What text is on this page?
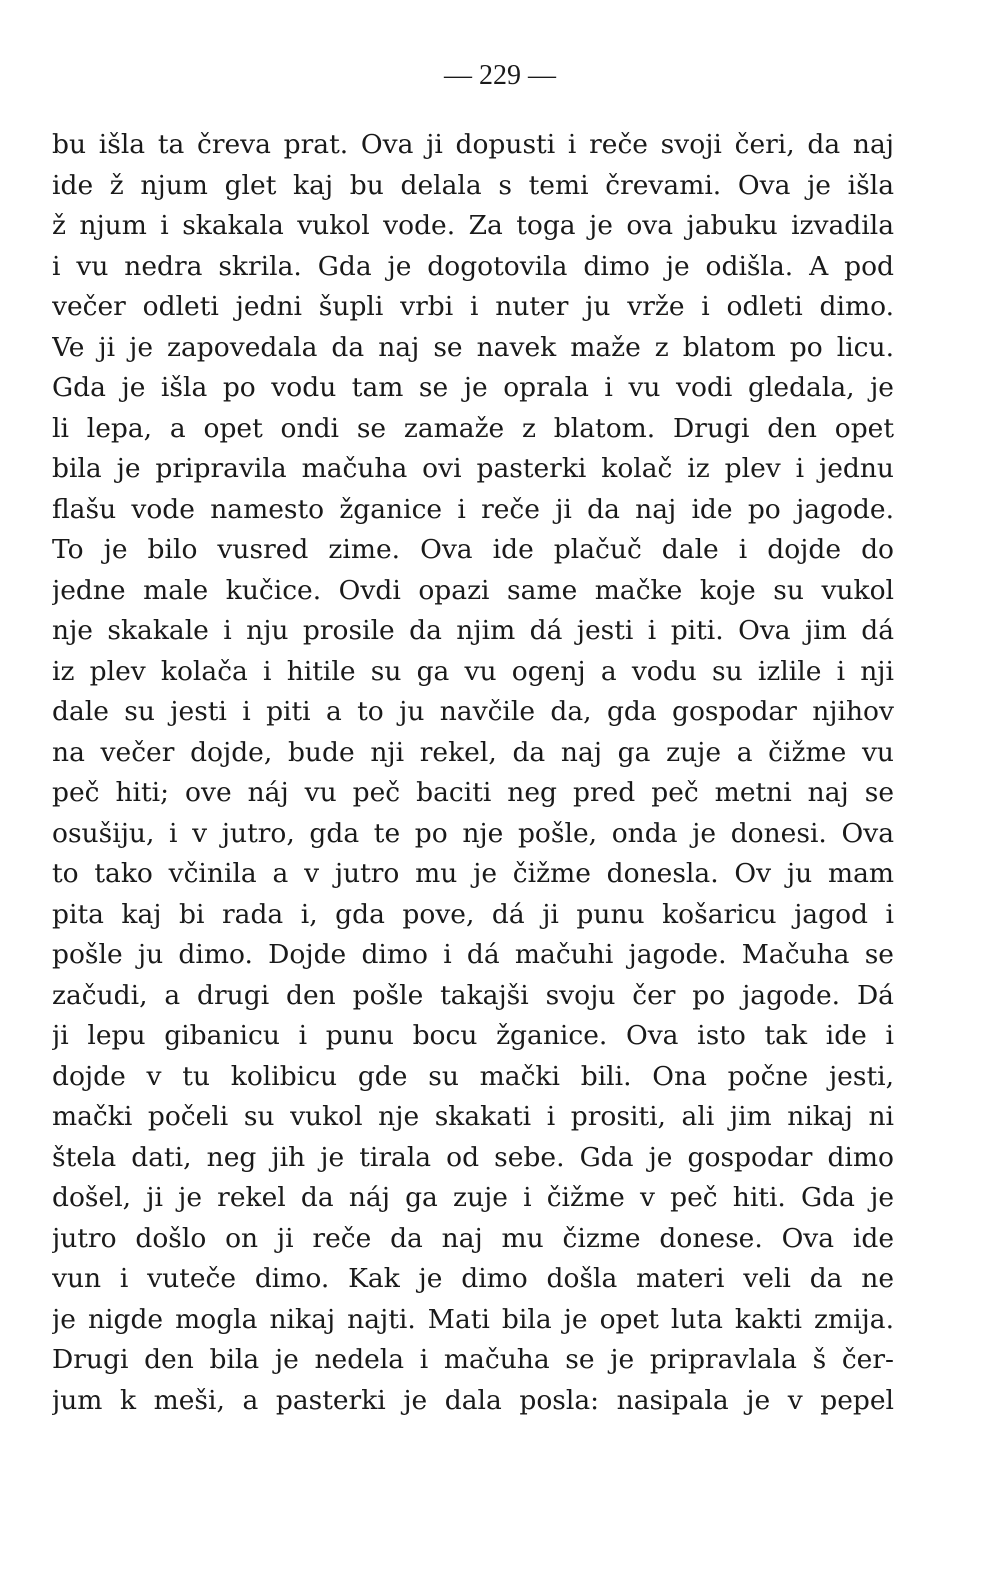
— 229 —
bu išla ta čreva prat. Ova ji dopusti i reče svoji čeri, da naj
ide ž njum glet kaj bu delala s temi črevami. Ova je išla
ž njum i skakala vukol vode. Za toga je ova jabuku izvadila
i vu nedra skrila. Gda je dogotovila dimo je odišla. A pod
večer odleti jedni šupli vrbi i nuter ju vrže i odleti dimo.
Ve ji je zapovedala da naj se navek maže z blatom po licu.
Gda je išla po vodu tam se je oprala i vu vodi gledala, je
li lepa, a opet ondi se zamaže z blatom. Drugi den opet
bila je pripravila mačuha ovi pasterki kolač iz plev i jednu
flašu vode namesto žganice i reče ji da naj ide po jagode.
To je bilo vusred zime. Ova ide plačuč dale i dojde do
jedne male kučice. Ovdi opazi same mačke koje su vukol
nje skakale i nju prosile da njim dá jesti i piti. Ova jim dá
iz plev kolača i hitile su ga vu ogenj a vodu su izlile i nji
dale su jesti i piti a to ju navčile da, gda gospodar njihov
na večer dojde, bude nji rekel, da naj ga zuje a čižme vu
peč hiti; ove náj vu peč baciti neg pred peč metni naj se
osušiju, i v jutro, gda te po nje pošle, onda je donesi. Ova
to tako včinila a v jutro mu je čižme donesla. Ov ju mam
pita kaj bi rada i, gda pove, dá ji punu košaricu jagod i
pošle ju dimo. Dojde dimo i dá mačuhi jagode. Mačuha se
začudi, a drugi den pošle takajši svoju čer po jagode. Dá
ji lepu gibanicu i punu bocu žganice. Ova isto tak ide i
dojde v tu kolibicu gde su mački bili. Ona počne jesti,
mački počeli su vukol nje skakati i prositi, ali jim nikaj ni
štela dati, neg jih je tirala od sebe. Gda je gospodar dimo
došel, ji je rekel da náj ga zuje i čižme v peč hiti. Gda je
jutro došlo on ji reče da naj mu čizme donese. Ova ide
vun i vuteče dimo. Kak je dimo došla materi veli da ne
je nigde mogla nikaj najti. Mati bila je opet luta kakti zmija.
Drugi den bila je nedela i mačuha se je pripravlala š čer-
jum k meši, a pasterki je dala posla: nasipala je v pepel
